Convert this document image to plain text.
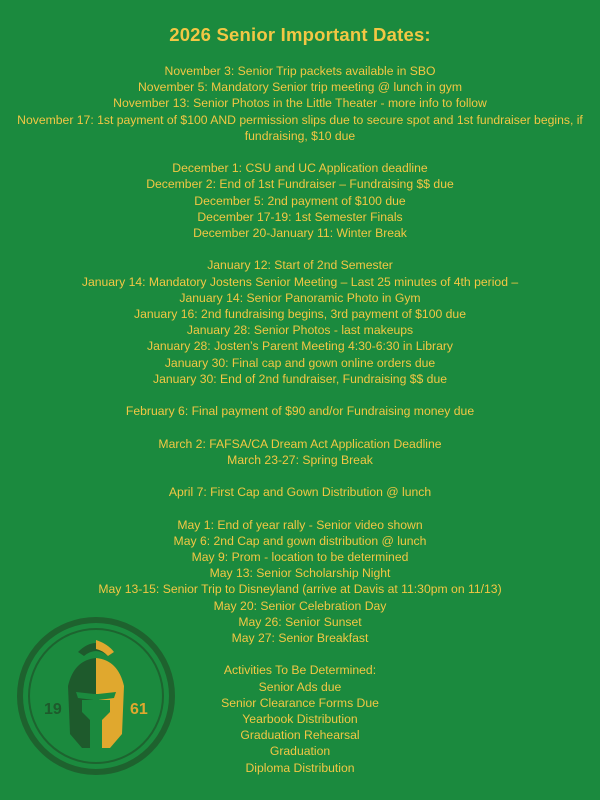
2026 Senior Important Dates:
November 3: Senior Trip packets available in SBO
November 5: Mandatory Senior trip meeting @ lunch in gym
November 13: Senior Photos in the Little Theater - more info to follow
November 17: 1st payment of $100 AND permission slips due to secure spot and 1st fundraiser begins, if fundraising, $10 due
December 1: CSU and UC Application deadline
December 2: End of 1st Fundraiser – Fundraising $$ due
December 5: 2nd payment of $100 due
December 17-19: 1st Semester Finals
December 20-January 11: Winter Break
January 12: Start of 2nd Semester
January 14: Mandatory Jostens Senior Meeting – Last 25 minutes of 4th period –
January 14: Senior Panoramic Photo in Gym
January 16: 2nd fundraising begins, 3rd payment of $100 due
January 28: Senior Photos - last makeups
January 28: Josten’s Parent Meeting 4:30-6:30 in Library
January 30: Final cap and gown online orders due
January 30: End of 2nd fundraiser, Fundraising $$ due
February 6: Final payment of $90 and/or Fundraising money due
March 2: FAFSA/CA Dream Act Application Deadline
March 23-27: Spring Break
April 7: First Cap and Gown Distribution @ lunch
May 1: End of year rally - Senior video shown
May 6: 2nd Cap and gown distribution @ lunch
May 9: Prom - location to be determined
May 13: Senior Scholarship Night
May 13-15: Senior Trip to Disneyland (arrive at Davis at 11:30pm on 11/13)
May 20: Senior Celebration Day
May 26: Senior Sunset
May 27: Senior Breakfast
Activities To Be Determined:
Senior Ads due
Senior Clearance Forms Due
Yearbook Distribution
Graduation Rehearsal
Graduation
Diploma Distribution
19	61
